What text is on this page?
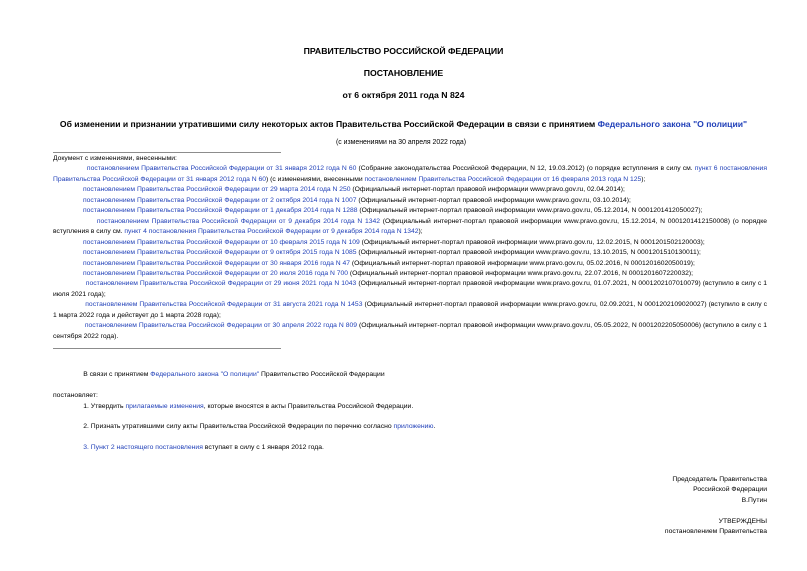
ПРАВИТЕЛЬСТВО РОССИЙСКОЙ ФЕДЕРАЦИИ
ПОСТАНОВЛЕНИЕ
от 6 октября 2011 года N 824
Об изменении и признании утратившими силу некоторых актов Правительства Российской Федерации в связи с принятием Федерального закона "О полиции"
(с изменениями на 30 апреля 2022 года)

Документ с изменениями, внесенными:

постановлением Правительства Российской Федерации от 31 января 2012 года N 60 (Собрание законодательства Российской Федерации, N 12, 19.03.2012) (о порядке вступления в силу см. пункт 6 постановления Правительства Российской Федерации от 31 января 2012 года N 60) (с изменениями, внесенными постановлением Правительства Российской Федерации от 16 февраля 2013 года N 125);

постановлением Правительства Российской Федерации от 29 марта 2014 года N 250 (Официальный интернет-портал правовой информации www.pravo.gov.ru, 02.04.2014);

постановлением Правительства Российской Федерации от 2 октября 2014 года N 1007 (Официальный интернет-портал правовой информации www.pravo.gov.ru, 03.10.2014);

постановлением Правительства Российской Федерации от 1 декабря 2014 года N 1288 (Официальный интернет-портал правовой информации www.pravo.gov.ru, 05.12.2014, N 0001201412050027);

постановлением Правительства Российской Федерации от 9 декабря 2014 года N 1342 (Официальный интернет-портал правовой информации www.pravo.gov.ru, 15.12.2014, N 0001201412150008) (о порядке вступления в силу см. пункт 4 постановления Правительства Российской Федерации от 9 декабря 2014 года N 1342);

постановлением Правительства Российской Федерации от 10 февраля 2015 года N 109 (Официальный интернет-портал правовой информации www.pravo.gov.ru, 12.02.2015, N 0001201502120003);

постановлением Правительства Российской Федерации от 9 октября 2015 года N 1085 (Официальный интернет-портал правовой информации www.pravo.gov.ru, 13.10.2015, N 0001201510130011);

постановлением Правительства Российской Федерации от 30 января 2016 года N 47 (Официальный интернет-портал правовой информации www.pravo.gov.ru, 05.02.2016, N 0001201602050019);

постановлением Правительства Российской Федерации от 20 июля 2016 года N 700 (Официальный интернет-портал правовой информации www.pravo.gov.ru, 22.07.2016, N 0001201607220032);

постановлением Правительства Российской Федерации от 29 июня 2021 года N 1043 (Официальный интернет-портал правовой информации www.pravo.gov.ru, 01.07.2021, N 0001202107010079) (вступило в силу с 1 июля 2021 года);

постановлением Правительства Российской Федерации от 31 августа 2021 года N 1453 (Официальный интернет-портал правовой информации www.pravo.gov.ru, 02.09.2021, N 0001202109020027) (вступило в силу с 1 марта 2022 года и действует до 1 марта 2028 года);

постановлением Правительства Российской Федерации от 30 апреля 2022 года N 809 (Официальный интернет-портал правовой информации www.pravo.gov.ru, 05.05.2022, N 0001202205050006) (вступило в силу с 1 сентября 2022 года).

В связи с принятием Федерального закона "О полиции" Правительство Российской Федерации

постановляет:

1. Утвердить прилагаемые изменения, которые вносятся в акты Правительства Российской Федерации.

2. Признать утратившими силу акты Правительства Российской Федерации по перечню согласно приложению.

3. Пункт 2 настоящего постановления вступает в силу с 1 января 2012 года.

Председатель Правительства
Российской Федерации
В.Путин
УТВЕРЖДЕНЫ
постановлением Правительства
